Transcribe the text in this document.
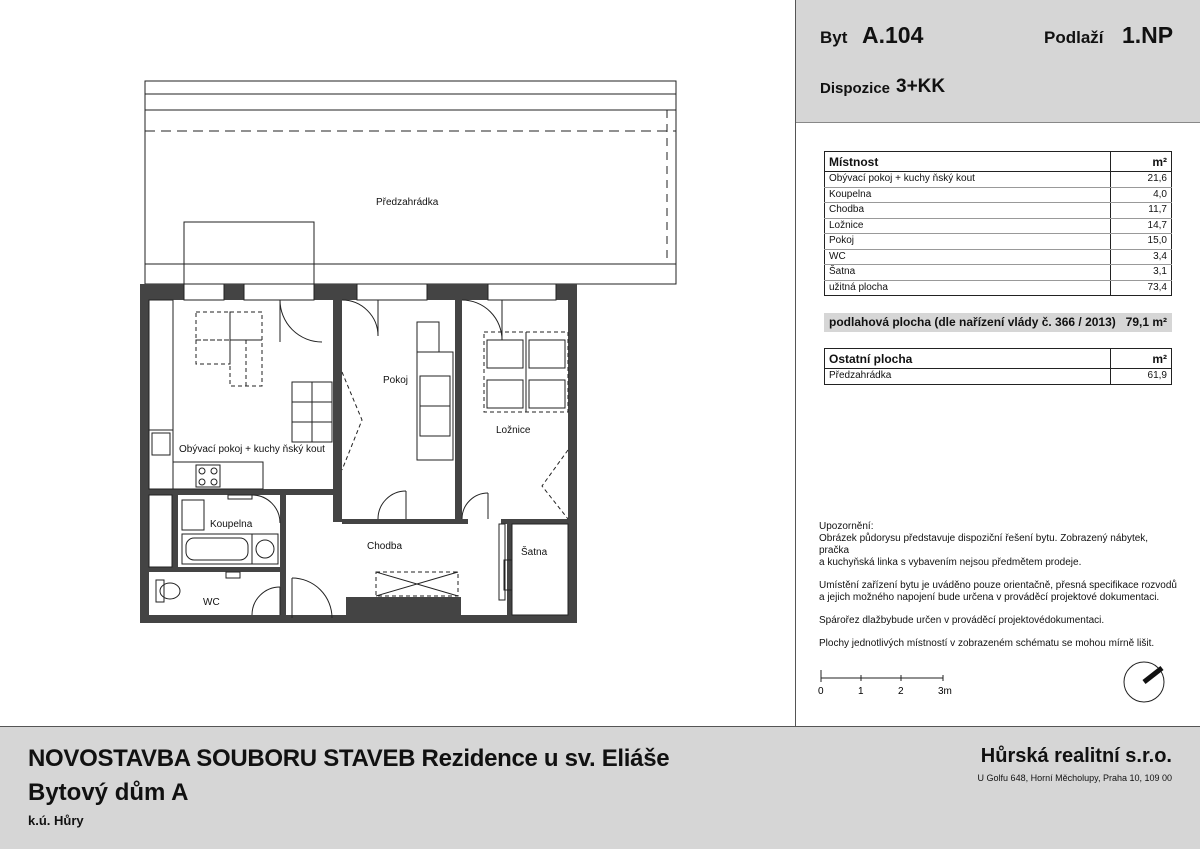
Předzahrádka
Obývací pokoj + kuchy ňský kout
Pokoj
Ložnice
Chodba
Koupelna
Šatna
WC
Byt A.104	Podlaží 1.NP
Dispozice 3+KK
Místnost	m²
Obývací pokoj + kuchy ňský kout	21,6
Koupelna	4,0
Chodba	11,7
Ložnice	14,7
Pokoj	15,0
WC	3,4
Šatna	3,1
užitná plocha	73,4
podlahová plocha (dle nařízení vlády č. 366 / 2013) 79,1 m²
Ostatní plocha	m²
Předzahrádka	61,9
Upozornění:
Obrázek půdorysu představuje dispoziční řešení bytu. Zobrazený nábytek, pračka
a kuchyňská linka s vybavením nejsou předmětem prodeje.
Umístění zařízení bytu je uváděno pouze orientačně, přesná specifikace rozvodů
a jejich možného napojení bude určena v prováděcí projektové dokumentaci.
Spárořez dlažbybude určen v prováděcí projektovédokumentaci.
Plochy jednotlivých místností v zobrazeném schématu se mohou mírně lišit.
0	1	2	3m
NOVOSTAVBA SOUBORU STAVEB Rezidence u sv. Eliáše
Bytový dům A
k.ú. Hůry
Hůrská realitní s.r.o.
U Golfu 648, Horní Měcholupy, Praha 10, 109 00
